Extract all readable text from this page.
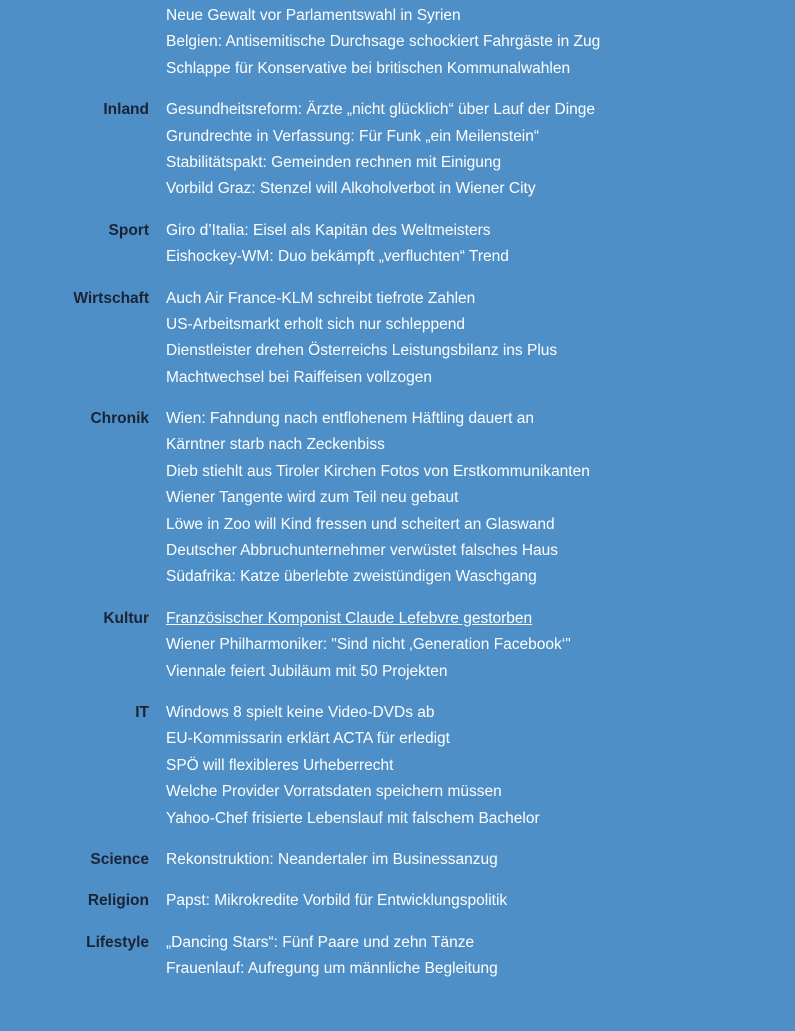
Neue Gewalt vor Parlamentswahl in Syrien
Belgien: Antisemitische Durchsage schockiert Fahrgäste in Zug
Schlappe für Konservative bei britischen Kommunalwahlen
Inland Gesundheitsreform: Ärzte „nicht glücklich“ über Lauf der Dinge
Grundrechte in Verfassung: Für Funk „ein Meilenstein“
Stabilitätspakt: Gemeinden rechnen mit Einigung
Vorbild Graz: Stenzel will Alkoholverbot in Wiener City
Sport Giro d’Italia: Eisel als Kapitän des Weltmeisters
Eishockey-WM: Duo bekämpft „verfluchten“ Trend
Wirtschaft Auch Air France-KLM schreibt tiefrote Zahlen
US-Arbeitsmarkt erholt sich nur schleppend
Dienstleister drehen Österreichs Leistungsbilanz ins Plus
Machtwechsel bei Raiffeisen vollzogen
Chronik Wien: Fahndung nach entflohenem Häftling dauert an
Kärntner starb nach Zeckenbiss
Dieb stiehlt aus Tiroler Kirchen Fotos von Erstkommunikanten
Wiener Tangente wird zum Teil neu gebaut
Löwe in Zoo will Kind fressen und scheitert an Glaswand
Deutscher Abbruchunternehmer verwüstet falsches Haus
Südafrika: Katze überlebte zweistündigen Waschgang
Kultur Französischer Komponist Claude Lefebvre gestorben
Wiener Philharmoniker: "Sind nicht ‚Generation Facebook‘"
Viennale feiert Jubiläum mit 50 Projekten
IT Windows 8 spielt keine Video-DVDs ab
EU-Kommissarin erklärt ACTA für erledigt
SPÖ will flexibleres Urheberrecht
Welche Provider Vorratsdaten speichern müssen
Yahoo-Chef frisierte Lebenslauf mit falschem Bachelor
Science Rekonstruktion: Neandertaler im Businessanzug
Religion Papst: Mikrokredite Vorbild für Entwicklungspolitik
Lifestyle „Dancing Stars“: Fünf Paare und zehn Tänze
Frauenlauf: Aufregung um männliche Begleitung
